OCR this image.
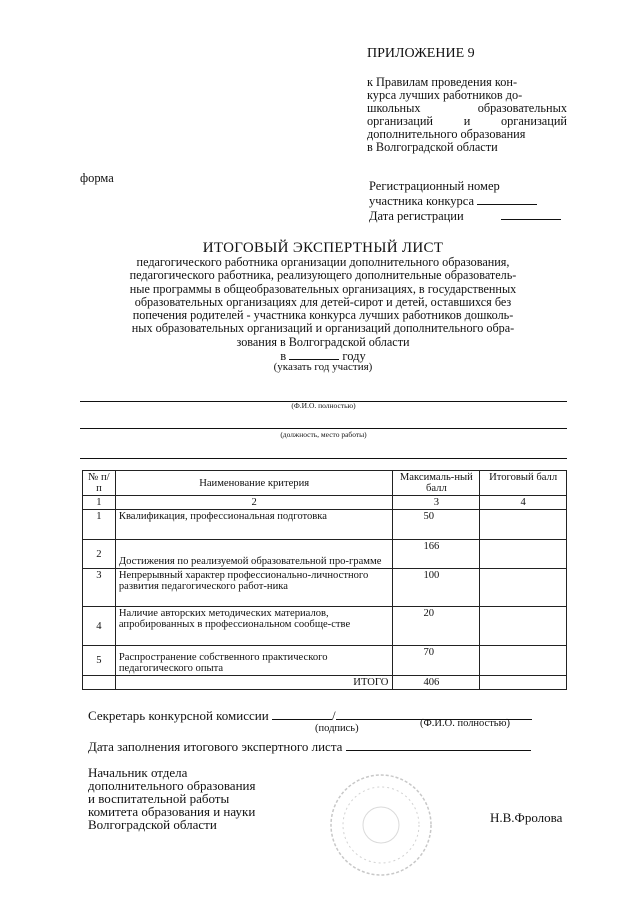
ПРИЛОЖЕНИЕ 9
к Правилам проведения кон-
курса лучших работников до-
школьных образовательных
организаций и организаций
дополнительного образования
в Волгоградской области
форма
Регистрационный номер
участника конкурса
Дата регистрации
ИТОГОВЫЙ ЭКСПЕРТНЫЙ ЛИСТ
педагогического работника организации дополнительного образования,
педагогического работника, реализующего дополнительные образователь-
ные программы в общеобразовательных организациях, в государственных
образовательных организациях для детей-сирот и детей, оставшихся без
попечения родителей - участника конкурса лучших работников дошколь-
ных образовательных организаций и организаций дополнительного обра-
зования в Волгоградской области
в	году
(указать год участия)
(Ф.И.О. полностью)
(должность, место работы)
№ п/п	Наименование критерия	Максималь-ный балл	Итоговый балл
1	2	3	4
1	Квалификация, профессиональная подготовка	50	
2	Достижения по реализуемой образовательной про-грамме	166	
3	Непрерывный характер профессионально-личностного развития педагогического работ-ника	100	
4	Наличие авторских методических материалов, апробированных в профессиональном сообще-стве	20	
5	Распространение собственного практического педагогического опыта	70	
	ИТОГО	406	
Секретарь конкурсной комиссии	/
(подпись)	(Ф.И.О. полностью)
Дата заполнения итогового экспертного листа
Начальник отдела
дополнительного образования
и воспитательной работы
комитета образования и науки
Волгоградской области	Н.В.Фролова
